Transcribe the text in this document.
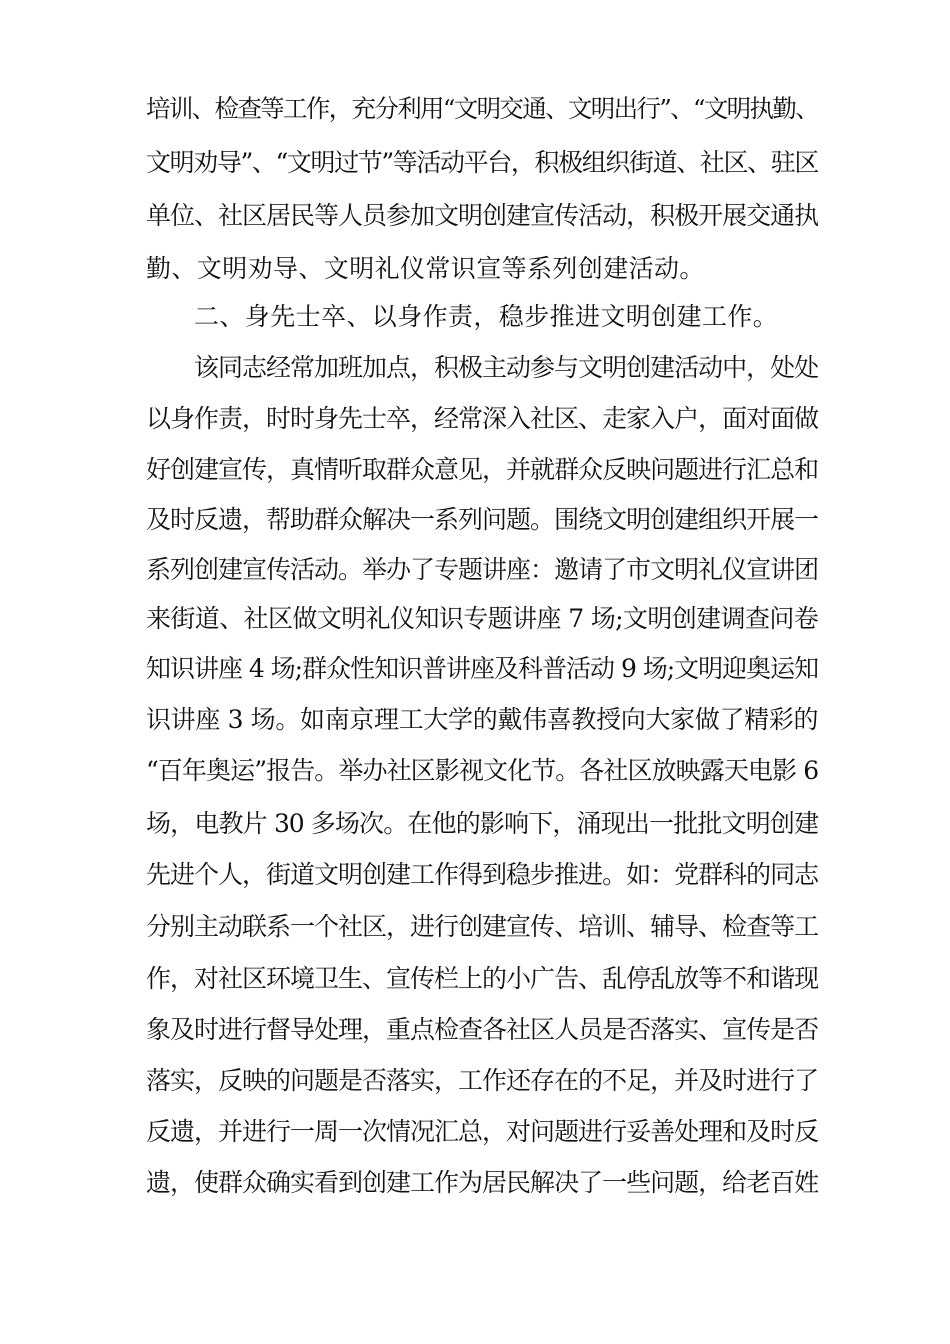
培训、检查等工作，充分利用“文明交通、文明出行”、“文明执勤、
文明劝导”、“文明过节”等活动平台，积极组织街道、社区、驻区
单位、社区居民等人员参加文明创建宣传活动，积极开展交通执
勤、文明劝导、文明礼仪常识宣等系列创建活动。
二、身先士卒、以身作责，稳步推进文明创建工作。
该同志经常加班加点，积极主动参与文明创建活动中，处处
以身作责，时时身先士卒，经常深入社区、走家入户，面对面做
好创建宣传，真情听取群众意见，并就群众反映问题进行汇总和
及时反遗，帮助群众解决一系列问题。围绕文明创建组织开展一
系列创建宣传活动。举办了专题讲座：邀请了市文明礼仪宣讲团
来街道、社区做文明礼仪知识专题讲座 7 场;文明创建调查问卷
知识讲座 4 场;群众性知识普讲座及科普活动 9 场;文明迎奥运知
识讲座 3 场。如南京理工大学的戴伟喜教授向大家做了精彩的
“百年奥运”报告。举办社区影视文化节。各社区放映露天电影 6
场，电教片 30 多场次。在他的影响下，涌现出一批批文明创建
先进个人，街道文明创建工作得到稳步推进。如：党群科的同志
分别主动联系一个社区，进行创建宣传、培训、辅导、检查等工
作，对社区环境卫生、宣传栏上的小广告、乱停乱放等不和谐现
象及时进行督导处理，重点检查各社区人员是否落实、宣传是否
落实，反映的问题是否落实，工作还存在的不足，并及时进行了
反遗，并进行一周一次情况汇总，对问题进行妥善处理和及时反
遗，使群众确实看到创建工作为居民解决了一些问题，给老百姓
